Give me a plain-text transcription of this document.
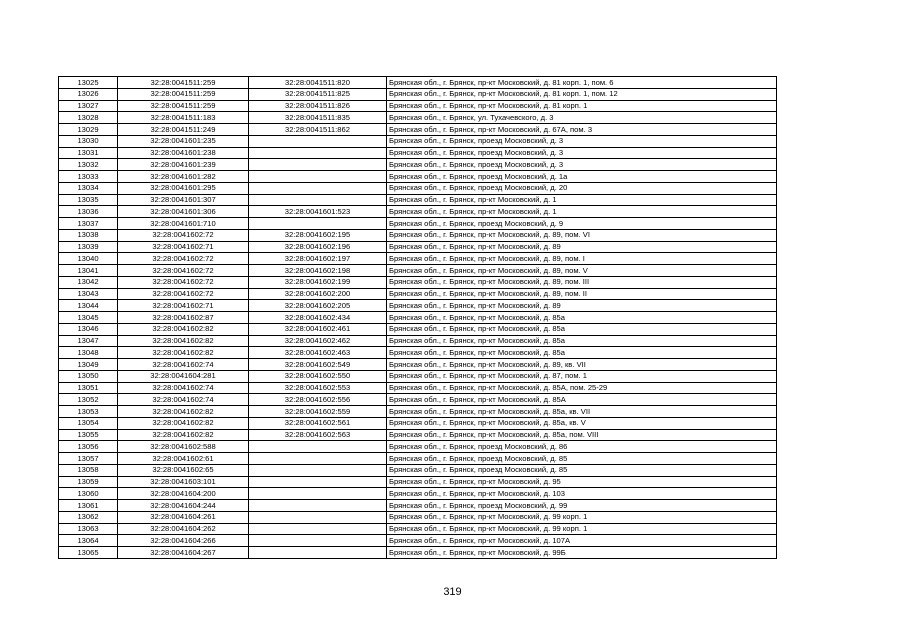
13025	32:28:0041511:259	32:28:0041511:820	Брянская обл., г. Брянск, пр-кт Московский, д. 81 корп. 1, пом. 6
13026	32:28:0041511:259	32:28:0041511:825	Брянская обл., г. Брянск, пр-кт Московский, д. 81 корп. 1, пом. 12
13027	32:28:0041511:259	32:28:0041511:826	Брянская обл., г. Брянск, пр-кт Московский, д. 81 корп. 1
13028	32:28:0041511:183	32:28:0041511:835	Брянская обл., г. Брянск, ул. Тухачевского, д. 3
13029	32:28:0041511:249	32:28:0041511:862	Брянская обл., г. Брянск, пр-кт Московский, д. 67А, пом. 3
13030	32:28:0041601:235		Брянская обл., г. Брянск, проезд Московский, д. 3
13031	32:28:0041601:238		Брянская обл., г. Брянск, проезд Московский, д. 3
13032	32:28:0041601:239		Брянская обл., г. Брянск, проезд Московский, д. 3
13033	32:28:0041601:282		Брянская обл., г. Брянск, проезд Московский, д. 1а
13034	32:28:0041601:295		Брянская обл., г. Брянск, проезд Московский, д. 20
13035	32:28:0041601:307		Брянская обл., г. Брянск, пр-кт Московский, д. 1
13036	32:28:0041601:306	32:28:0041601:523	Брянская обл., г. Брянск, пр-кт Московский, д. 1
13037	32:28:0041601:710		Брянская обл., г. Брянск, проезд Московский, д. 9
13038	32:28:0041602:72	32:28:0041602:195	Брянская обл., г. Брянск, пр-кт Московский, д. 89, пом. VI
13039	32:28:0041602:71	32:28:0041602:196	Брянская обл., г. Брянск, пр-кт Московский, д. 89
13040	32:28:0041602:72	32:28:0041602:197	Брянская обл., г. Брянск, пр-кт Московский, д. 89, пом. I
13041	32:28:0041602:72	32:28:0041602:198	Брянская обл., г. Брянск, пр-кт Московский, д. 89, пом. V
13042	32:28:0041602:72	32:28:0041602:199	Брянская обл., г. Брянск, пр-кт Московский, д. 89, пом. III
13043	32:28:0041602:72	32:28:0041602:200	Брянская обл., г. Брянск, пр-кт Московский, д. 89, пом. II
13044	32:28:0041602:71	32:28:0041602:205	Брянская обл., г. Брянск, пр-кт Московский, д. 89
13045	32:28:0041602:87	32:28:0041602:434	Брянская обл., г. Брянск, пр-кт Московский, д. 85а
13046	32:28:0041602:82	32:28:0041602:461	Брянская обл., г. Брянск, пр-кт Московский, д. 85а
13047	32:28:0041602:82	32:28:0041602:462	Брянская обл., г. Брянск, пр-кт Московский, д. 85а
13048	32:28:0041602:82	32:28:0041602:463	Брянская обл., г. Брянск, пр-кт Московский, д. 85а
13049	32:28:0041602:74	32:28:0041602:549	Брянская обл., г. Брянск, пр-кт Московский, д. 89, кв. VII
13050	32:28:0041604:281	32:28:0041602:550	Брянская обл., г. Брянск, пр-кт Московский, д. 87, пом. 1
13051	32:28:0041602:74	32:28:0041602:553	Брянская обл., г. Брянск, пр-кт Московский, д. 85А, пом. 25-29
13052	32:28:0041602:74	32:28:0041602:556	Брянская обл., г. Брянск, пр-кт Московский, д. 85А
13053	32:28:0041602:82	32:28:0041602:559	Брянская обл., г. Брянск, пр-кт Московский, д. 85а, кв. VII
13054	32:28:0041602:82	32:28:0041602:561	Брянская обл., г. Брянск, пр-кт Московский, д. 85а, кв. V
13055	32:28:0041602:82	32:28:0041602:563	Брянская обл., г. Брянск, пр-кт Московский, д. 85а, пом. VIII
13056	32:28:0041602:588		Брянская обл., г. Брянск, проезд Московский, д. 86
13057	32:28:0041602:61		Брянская обл., г. Брянск, проезд Московский, д. 85
13058	32:28:0041602:65		Брянская обл., г. Брянск, проезд Московский, д. 85
13059	32:28:0041603:101		Брянская обл., г. Брянск, пр-кт Московский, д. 95
13060	32:28:0041604:200		Брянская обл., г. Брянск, пр-кт Московский, д. 103
13061	32:28:0041604:244		Брянская обл., г. Брянск, проезд Московский, д. 99
13062	32:28:0041604:261		Брянская обл., г. Брянск, пр-кт Московский, д. 99 корп. 1
13063	32:28:0041604:262		Брянская обл., г. Брянск, пр-кт Московский, д. 99 корп. 1
13064	32:28:0041604:266		Брянская обл., г. Брянск, пр-кт Московский, д. 107А
13065	32:28:0041604:267		Брянская обл., г. Брянск, пр-кт Московский, д. 99Б
319
